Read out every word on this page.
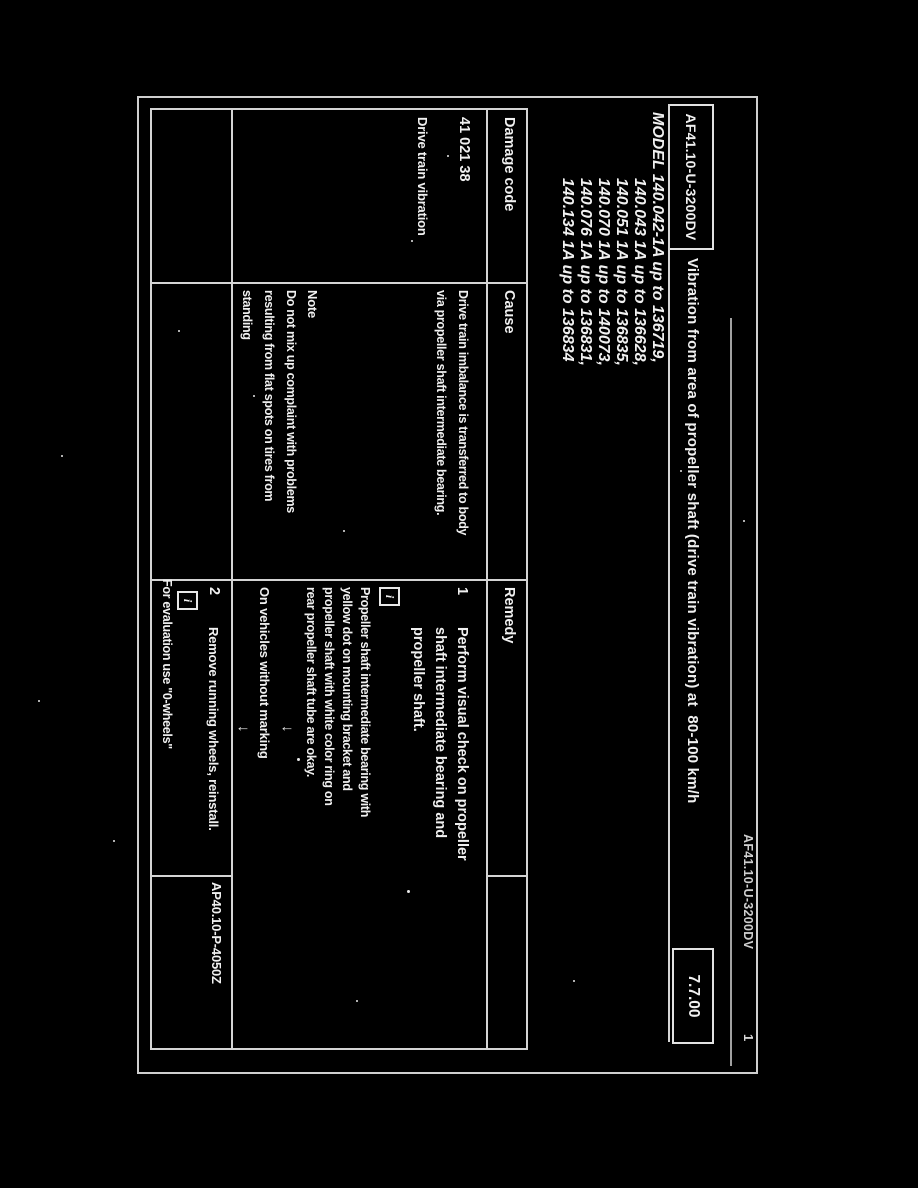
AF41.10-U-3200DV
1
AF41.10-U-3200DV
Vibration from area of propeller shaft (drive train vibration) at  80-100 km/h
7.7.00
MODEL 140.042-1A up to 136719,
140.043 1A up to 136628,
140.051 1A up to 136835,
140.070 1A up to 140073,
140.076 1A up to 136831,
140.134 1A up to 136834
Damage code
Cause
Remedy
41 021 38
Drive train vibration
Drive train imbalance is transferred to body
via propeller shaft intermediate bearing.
Note
Do not mix up complaint with problems
resulting from flat spots on tires from
standing
1
Perform visual check on propeller
shaft intermediate bearing and
propeller shaft.
i
Propeller shaft intermediate bearing with
yellow dot on mounting bracket and
propeller shaft with white color ring on
rear propeller shaft tube are okay.
↓
On vehicles without marking
↓
2
Remove running wheels, reinstall.
i
For evaluation use "0-wheels"
AP40.10-P-4050Z
